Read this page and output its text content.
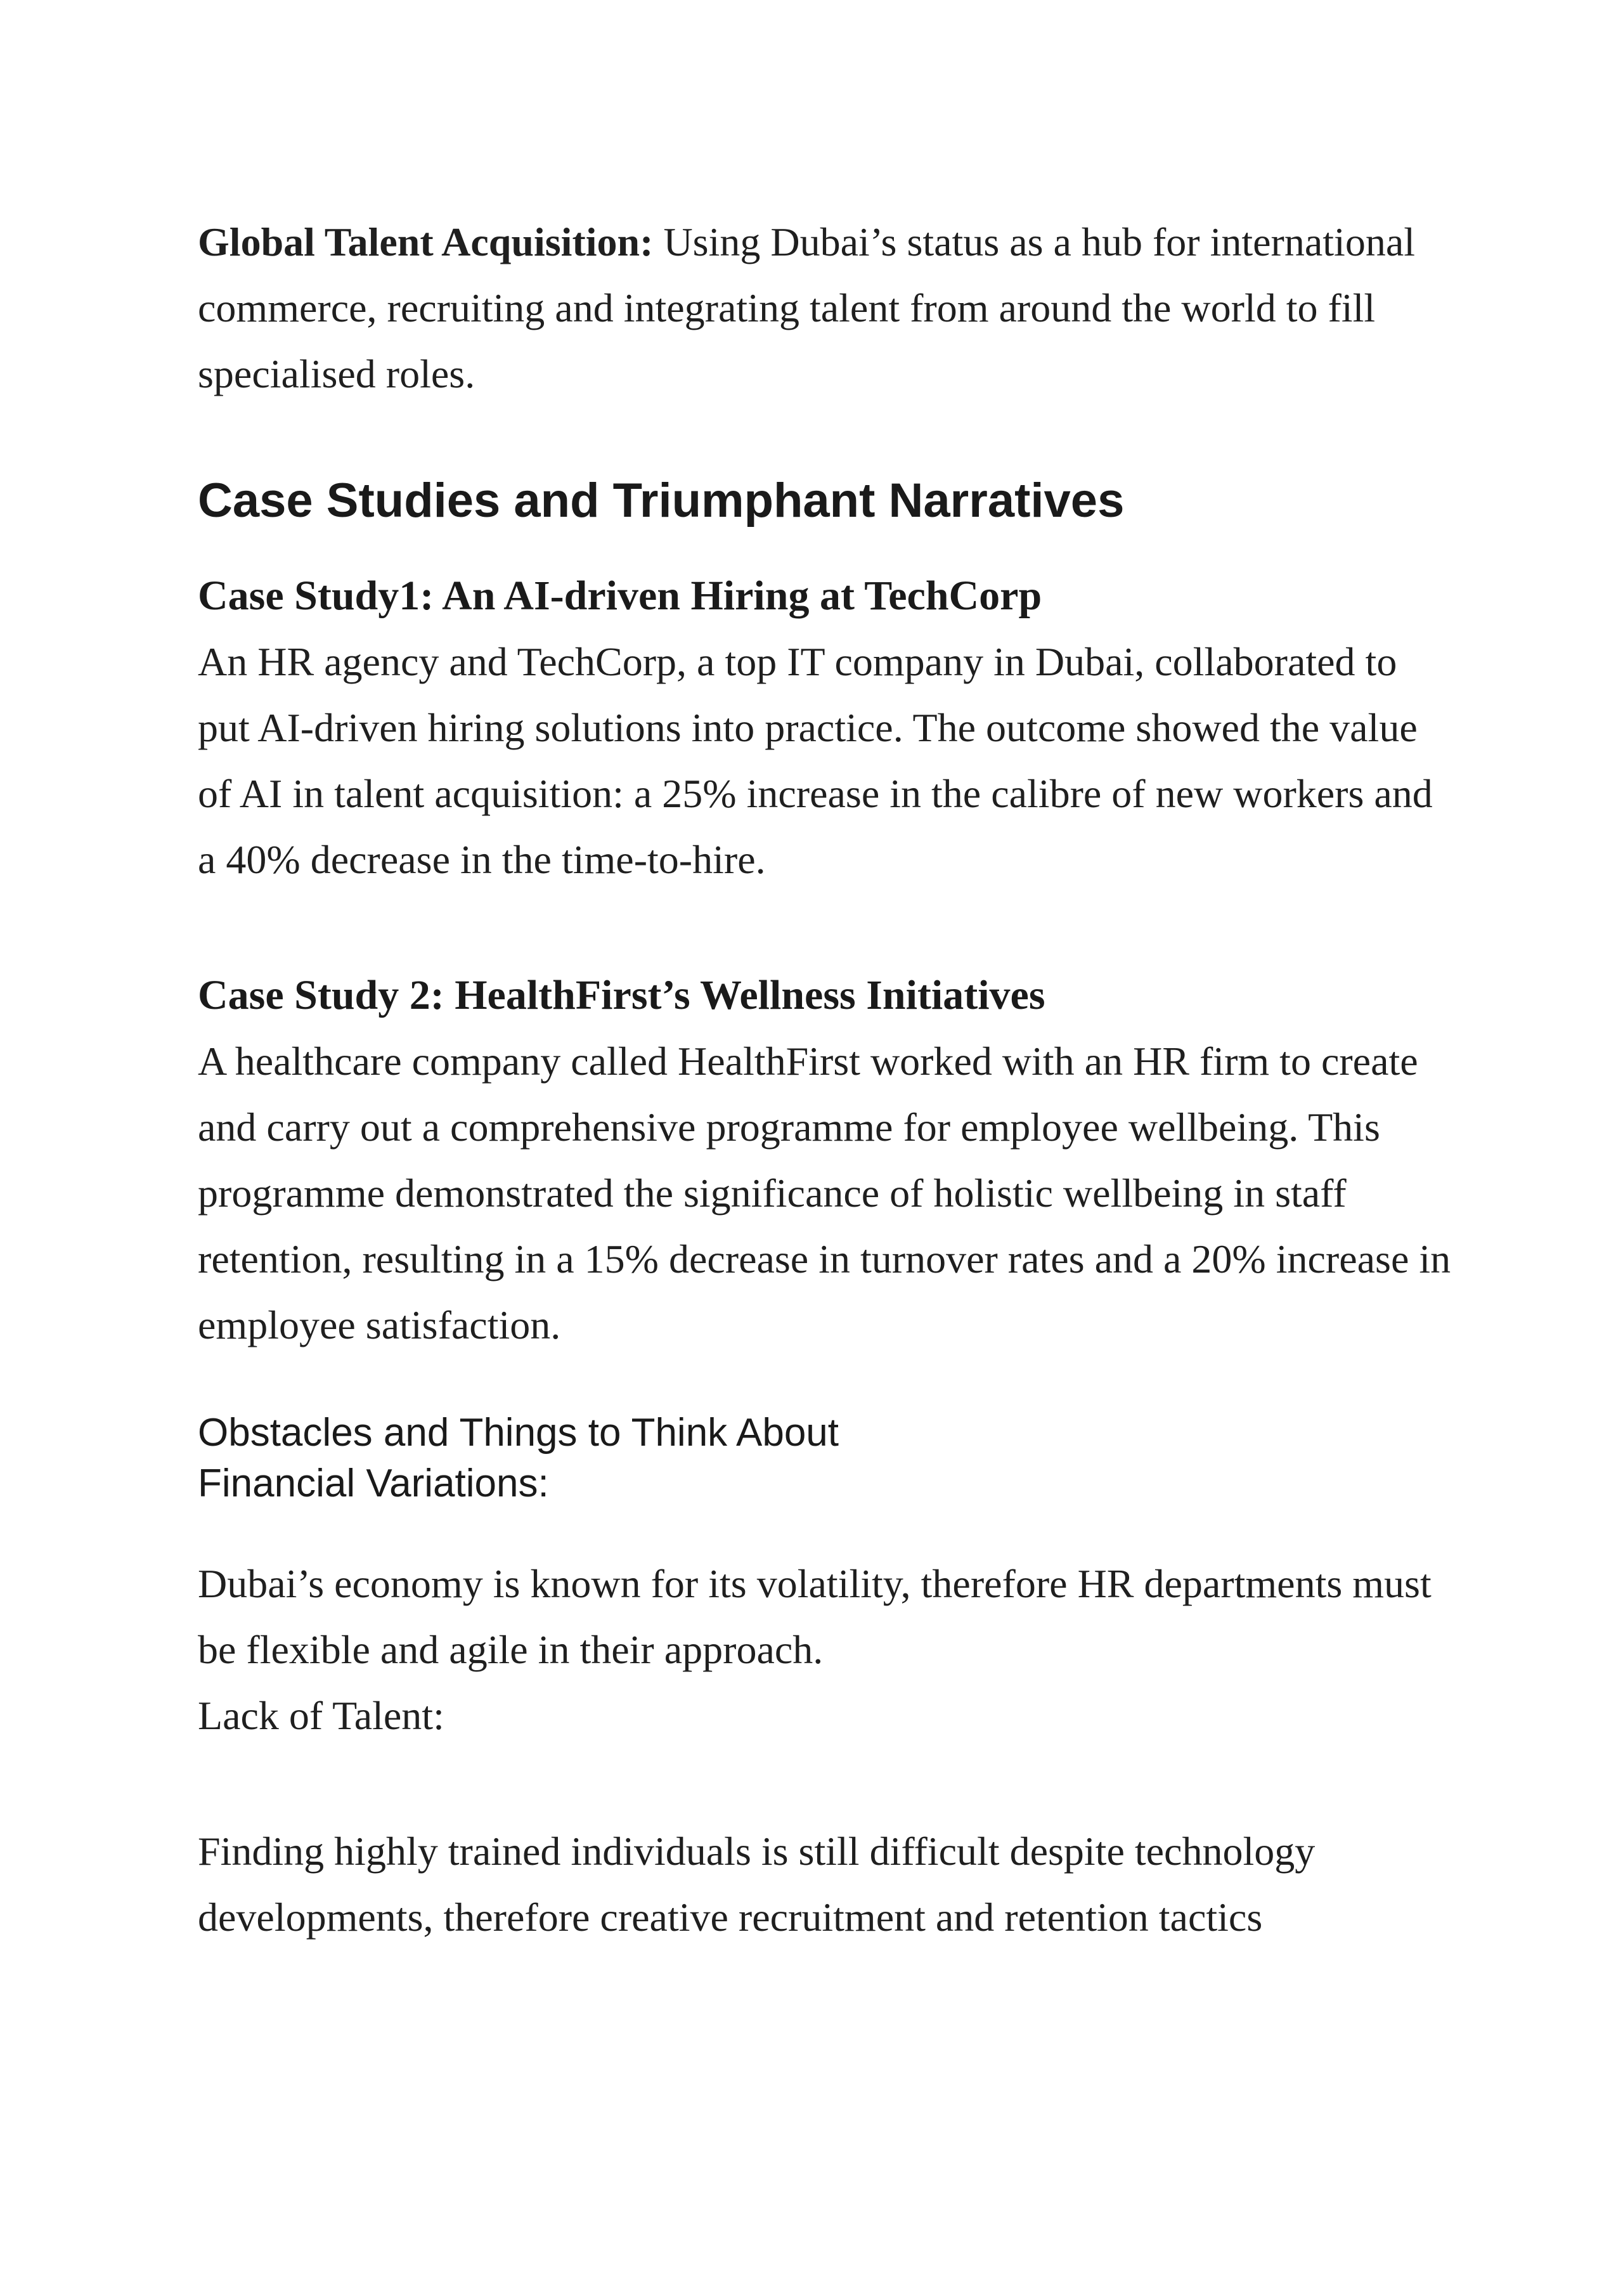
Global Talent Acquisition: Using Dubai’s status as a hub for international commerce, recruiting and integrating talent from around the world to fill specialised roles.

Case Studies and Triumphant Narratives

Case Study1: An AI-driven Hiring at TechCorp

An HR agency and TechCorp, a top IT company in Dubai, collaborated to put AI-driven hiring solutions into practice. The outcome showed the value of AI in talent acquisition: a 25% increase in the calibre of new workers and a 40% decrease in the time-to-hire.

Case Study 2: HealthFirst’s Wellness Initiatives

A healthcare company called HealthFirst worked with an HR firm to create and carry out a comprehensive programme for employee wellbeing. This programme demonstrated the significance of holistic wellbeing in staff retention, resulting in a 15% decrease in turnover rates and a 20% increase in employee satisfaction.

Obstacles and Things to Think About

Financial Variations:

Dubai’s economy is known for its volatility, therefore HR departments must be flexible and agile in their approach.

Lack of Talent:

Finding highly trained individuals is still difficult despite technology developments, therefore creative recruitment and retention tactics
